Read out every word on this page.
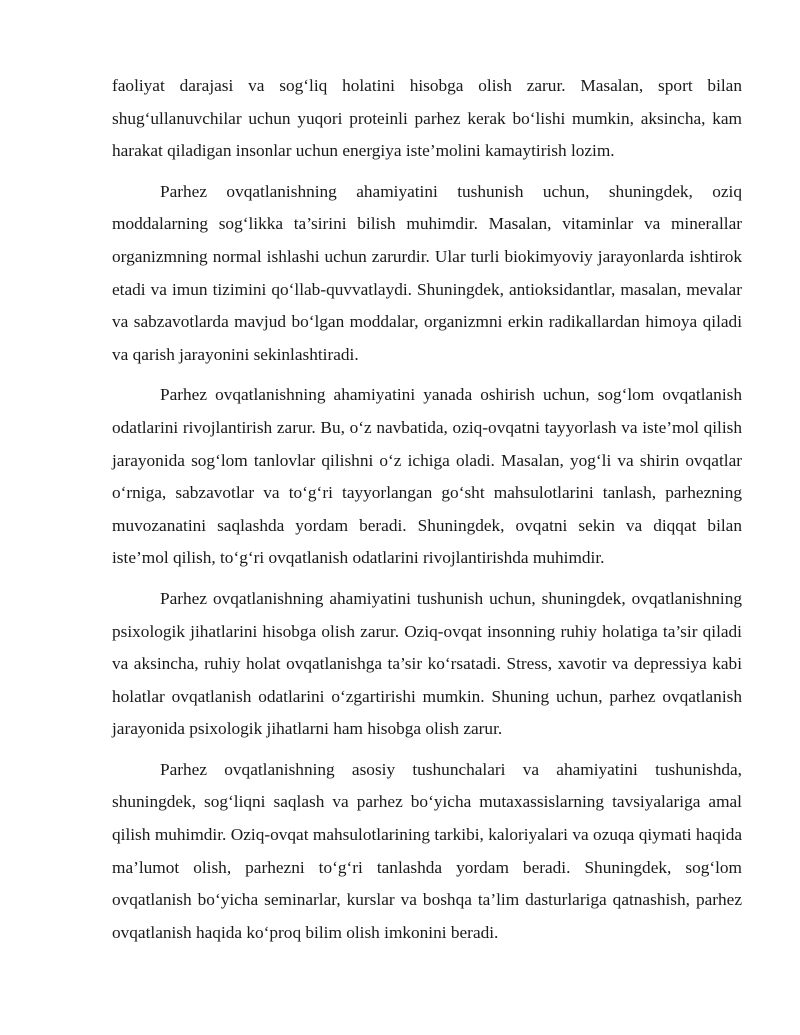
faoliyat darajasi va sog‘liq holatini hisobga olish zarur. Masalan, sport bilan shug‘ullanuvchilar uchun yuqori proteinli parhez kerak bo‘lishi mumkin, aksincha, kam harakat qiladigan insonlar uchun energiya iste’molini kamaytirish lozim.

Parhez ovqatlanishning ahamiyatini tushunish uchun, shuningdek, oziq moddalarning sog‘likka ta’sirini bilish muhimdir. Masalan, vitaminlar va minerallar organizmning normal ishlashi uchun zarurdir. Ular turli biokimyoviy jarayonlarda ishtirok etadi va imun tizimini qo‘llab-quvvatlaydi. Shuningdek, antioksidantlar, masalan, mevalar va sabzavotlarda mavjud bo‘lgan moddalar, organizmni erkin radikallardan himoya qiladi va qarish jarayonini sekinlashtiradi.

Parhez ovqatlanishning ahamiyatini yanada oshirish uchun, sog‘lom ovqatlanish odatlarini rivojlantirish zarur. Bu, o‘z navbatida, oziq-ovqatni tayyorlash va iste’mol qilish jarayonida sog‘lom tanlovlar qilishni o‘z ichiga oladi. Masalan, yog‘li va shirin ovqatlar o‘rniga, sabzavotlar va to‘g‘ri tayyorlangan go‘sht mahsulotlarini tanlash, parhezning muvozanatini saqlashda yordam beradi. Shuningdek, ovqatni sekin va diqqat bilan iste’mol qilish, to‘g‘ri ovqatlanish odatlarini rivojlantirishda muhimdir.

Parhez ovqatlanishning ahamiyatini tushunish uchun, shuningdek, ovqatlanishning psixologik jihatlarini hisobga olish zarur. Oziq-ovqat insonning ruhiy holatiga ta’sir qiladi va aksincha, ruhiy holat ovqatlanishga ta’sir ko‘rsatadi. Stress, xavotir va depressiya kabi holatlar ovqatlanish odatlarini o‘zgartirishi mumkin. Shuning uchun, parhez ovqatlanish jarayonida psixologik jihatlarni ham hisobga olish zarur.

Parhez ovqatlanishning asosiy tushunchalari va ahamiyatini tushunishda, shuningdek, sog‘liqni saqlash va parhez bo‘yicha mutaxassislarning tavsiyalariga amal qilish muhimdir. Oziq-ovqat mahsulotlarining tarkibi, kaloriyalari va ozuqa qiymati haqida ma’lumot olish, parhezni to‘g‘ri tanlashda yordam beradi. Shuningdek, sog‘lom ovqatlanish bo‘yicha seminarlar, kurslar va boshqa ta’lim dasturlariga qatnashish, parhez ovqatlanish haqida ko‘proq bilim olish imkonini beradi.
